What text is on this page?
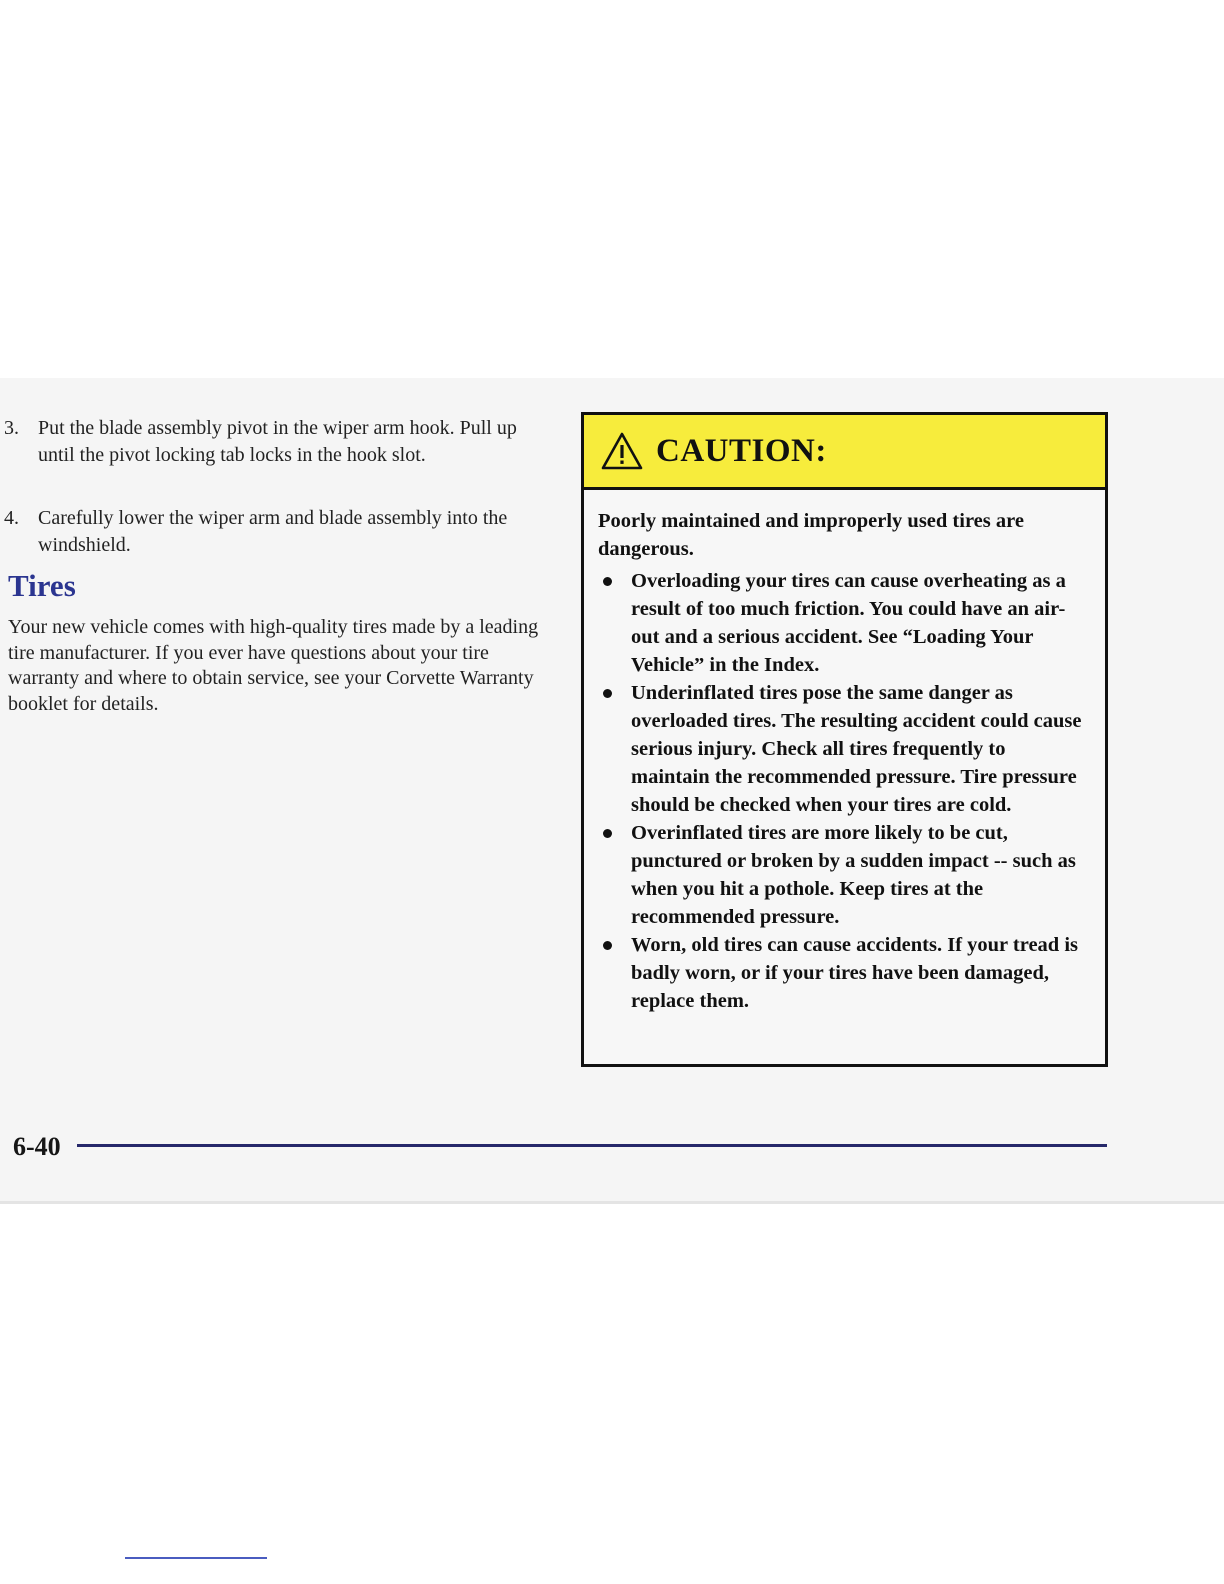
3. Put the blade assembly pivot in the wiper arm hook. Pull up until the pivot locking tab locks in the hook slot.
4. Carefully lower the wiper arm and blade assembly into the windshield.
Tires

Your new vehicle comes with high-quality tires made by a leading tire manufacturer. If you ever have questions about your tire warranty and where to obtain service, see your Corvette Warranty booklet for details.

CAUTION:

Poorly maintained and improperly used tires are dangerous.

Overloading your tires can cause overheating as a result of too much friction. You could have an air-out and a serious accident. See “Loading Your Vehicle” in the Index.
Underinflated tires pose the same danger as overloaded tires. The resulting accident could cause serious injury. Check all tires frequently to maintain the recommended pressure. Tire pressure should be checked when your tires are cold.
Overinflated tires are more likely to be cut, punctured or broken by a sudden impact -- such as when you hit a pothole. Keep tires at the recommended pressure.
Worn, old tires can cause accidents. If your tread is badly worn, or if your tires have been damaged, replace them.
6-40
